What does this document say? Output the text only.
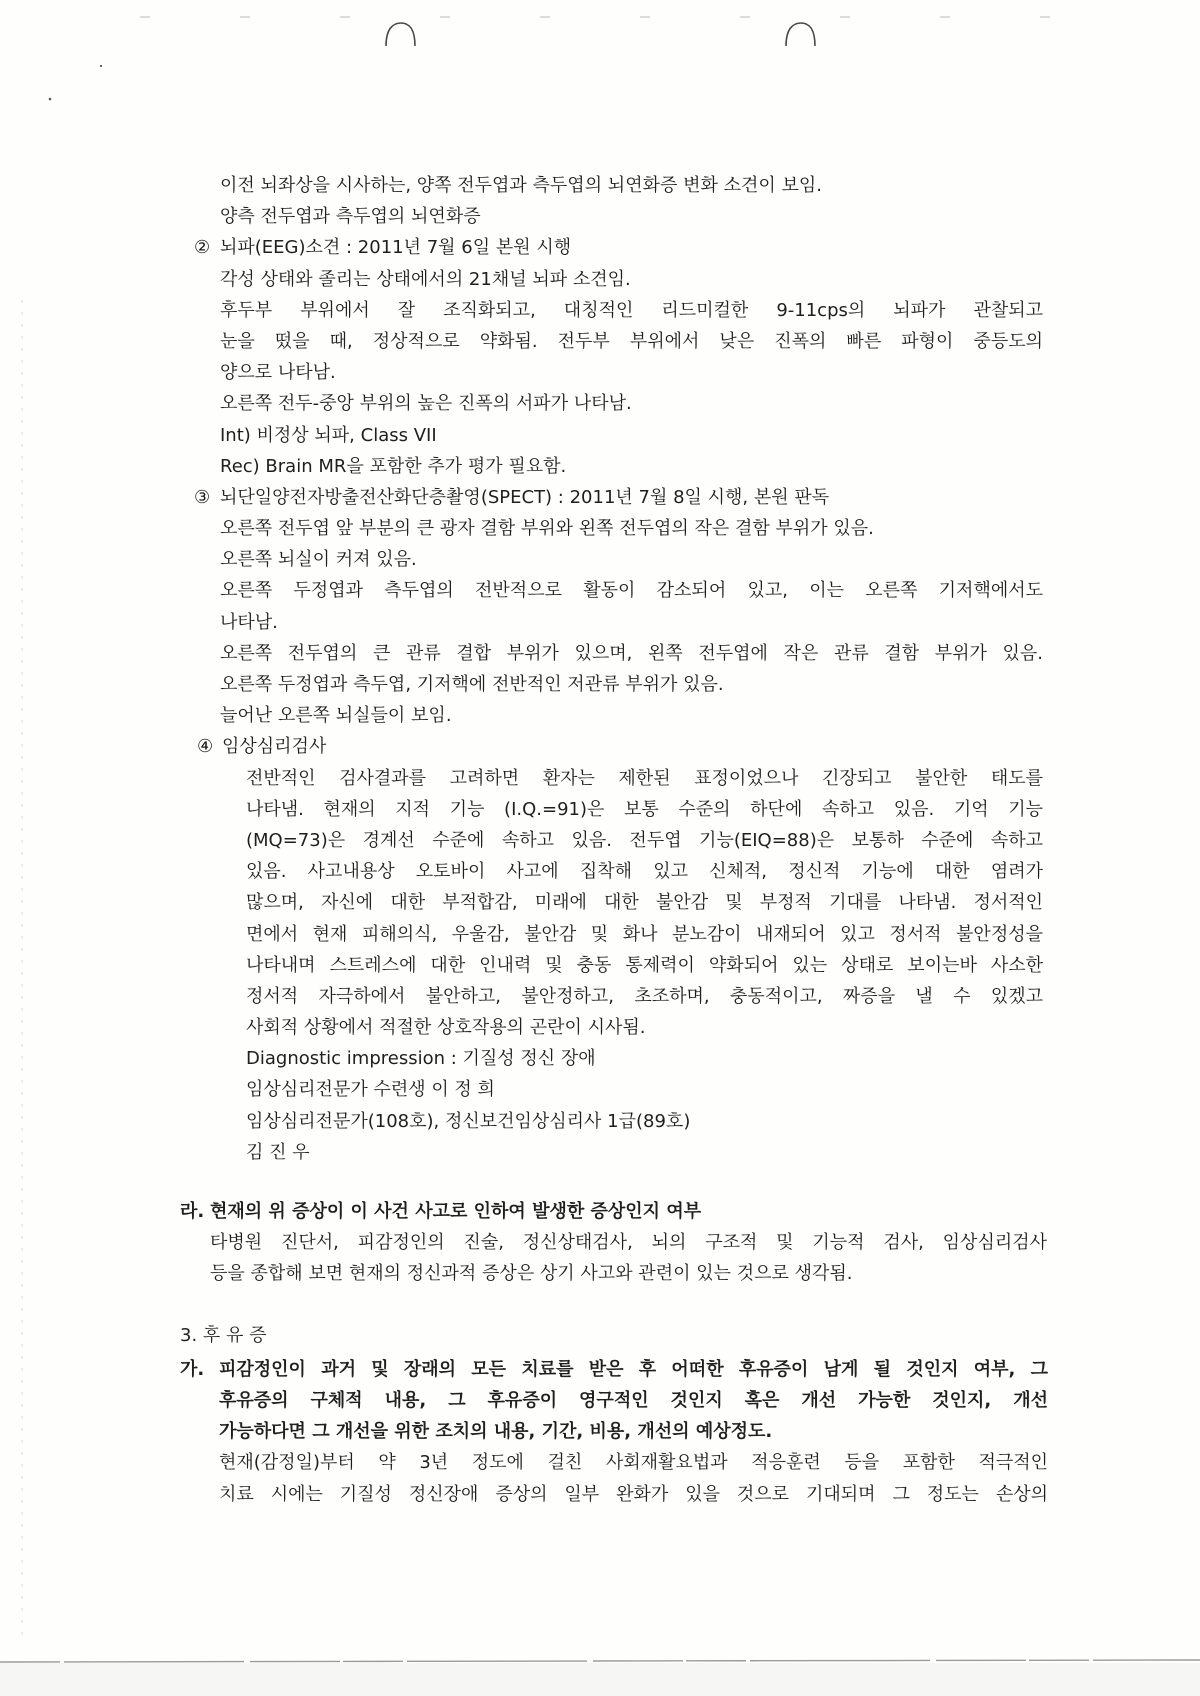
이전 뇌좌상을 시사하는, 양쪽 전두엽과 측두엽의 뇌연화증 변화 소견이 보임.
양측 전두엽과 측두엽의 뇌연화증
② 뇌파(EEG)소견 : 2011년 7월 6일 본원 시행
각성 상태와 졸리는 상태에서의 21채널 뇌파 소견임.
후두부 부위에서 잘 조직화되고, 대칭적인 리드미컬한 9-11cps의 뇌파가 관찰되고
눈을 떴을 때, 정상적으로 약화됨. 전두부 부위에서 낮은 진폭의 빠른 파형이 중등도의
양으로 나타남.
오른쪽 전두-중앙 부위의 높은 진폭의 서파가 나타남.
Int) 비정상 뇌파, Class VII
Rec) Brain MR을 포함한 추가 평가 필요함.
③ 뇌단일양전자방출전산화단층촬영(SPECT) : 2011년 7월 8일 시행, 본원 판독
오른쪽 전두엽 앞 부분의 큰 광자 결함 부위와 왼쪽 전두엽의 작은 결함 부위가 있음.
오른쪽 뇌실이 커져 있음.
오른쪽 두정엽과 측두엽의 전반적으로 활동이 감소되어 있고, 이는 오른쪽 기저핵에서도
나타남.
오른쪽 전두엽의 큰 관류 결합 부위가 있으며, 왼쪽 전두엽에 작은 관류 결함 부위가 있음.
오른쪽 두정엽과 측두엽, 기저핵에 전반적인 저관류 부위가 있음.
늘어난 오른쪽 뇌실들이 보임.
④ 임상심리검사
전반적인 검사결과를 고려하면 환자는 제한된 표정이었으나 긴장되고 불안한 태도를
나타냄. 현재의 지적 기능 (I.Q.=91)은 보통 수준의 하단에 속하고 있음. 기억 기능
(MQ=73)은 경계선 수준에 속하고 있음. 전두엽 기능(EIQ=88)은 보통하 수준에 속하고
있음. 사고내용상 오토바이 사고에 집착해 있고 신체적, 정신적 기능에 대한 염려가
많으며, 자신에 대한 부적합감, 미래에 대한 불안감 및 부정적 기대를 나타냄. 정서적인
면에서 현재 피해의식, 우울감, 불안감 및 화나 분노감이 내재되어 있고 정서적 불안정성을
나타내며 스트레스에 대한 인내력 및 충동 통제력이 약화되어 있는 상태로 보이는바 사소한
정서적 자극하에서 불안하고, 불안정하고, 초조하며, 충동적이고, 짜증을 낼 수 있겠고
사회적 상황에서 적절한 상호작용의 곤란이 시사됨.
Diagnostic impression : 기질성 정신 장애
임상심리전문가 수련생 이 정 희
임상심리전문가(108호), 정신보건임상심리사 1급(89호)
김 진 우
라. 현재의 위 증상이 이 사건 사고로 인하여 발생한 증상인지 여부
타병원 진단서, 피감정인의 진술, 정신상태검사, 뇌의 구조적 및 기능적 검사, 임상심리검사
등을 종합해 보면 현재의 정신과적 증상은 상기 사고와 관련이 있는 것으로 생각됨.
3. 후 유 증
가. 피감정인이 과거 및 장래의 모든 치료를 받은 후 어떠한 후유증이 남게 될 것인지 여부, 그
후유증의 구체적 내용, 그 후유증이 영구적인 것인지 혹은 개선 가능한 것인지, 개선
가능하다면 그 개선을 위한 조치의 내용, 기간, 비용, 개선의 예상정도.
현재(감정일)부터 약 3년 정도에 걸친 사회재활요법과 적응훈련 등을 포함한 적극적인
치료 시에는 기질성 정신장애 증상의 일부 완화가 있을 것으로 기대되며 그 정도는 손상의
